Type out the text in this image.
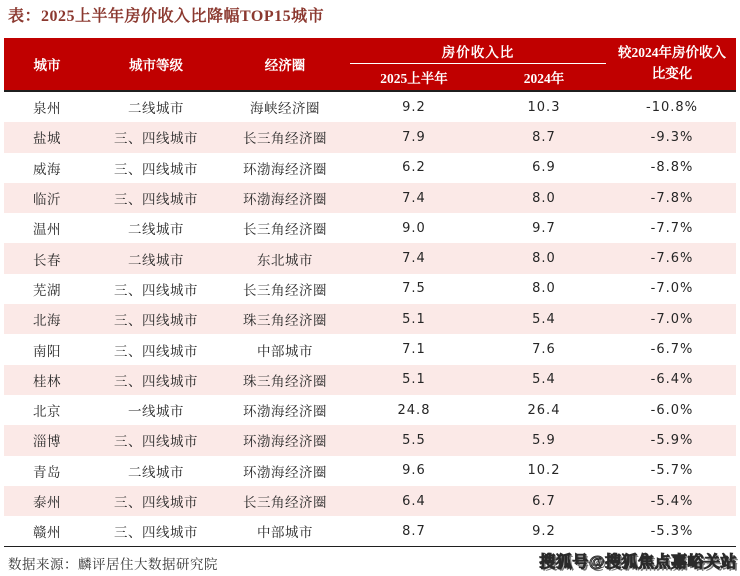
表：2025上半年房价收入比降幅TOP15城市
城市	城市等级	经济圈
房价收入比
2025上半年	2024年
较2024年房价收入比变化
泉州	二线城市	海峡经济圈	9.2	10.3	-10.8%
盐城	三、四线城市	长三角经济圈	7.9	8.7	-9.3%
威海	三、四线城市	环渤海经济圈	6.2	6.9	-8.8%
临沂	三、四线城市	环渤海经济圈	7.4	8.0	-7.8%
温州	二线城市	长三角经济圈	9.0	9.7	-7.7%
长春	二线城市	东北城市	7.4	8.0	-7.6%
芜湖	三、四线城市	长三角经济圈	7.5	8.0	-7.0%
北海	三、四线城市	珠三角经济圈	5.1	5.4	-7.0%
南阳	三、四线城市	中部城市	7.1	7.6	-6.7%
桂林	三、四线城市	珠三角经济圈	5.1	5.4	-6.4%
北京	一线城市	环渤海经济圈	24.8	26.4	-6.0%
淄博	三、四线城市	环渤海经济圈	5.5	5.9	-5.9%
青岛	二线城市	环渤海经济圈	9.6	10.2	-5.7%
泰州	三、四线城市	长三角经济圈	6.4	6.7	-5.4%
赣州	三、四线城市	中部城市	8.7	9.2	-5.3%
数据来源：麟评居住大数据研究院	搜狐号@搜狐焦点嘉峪关站
